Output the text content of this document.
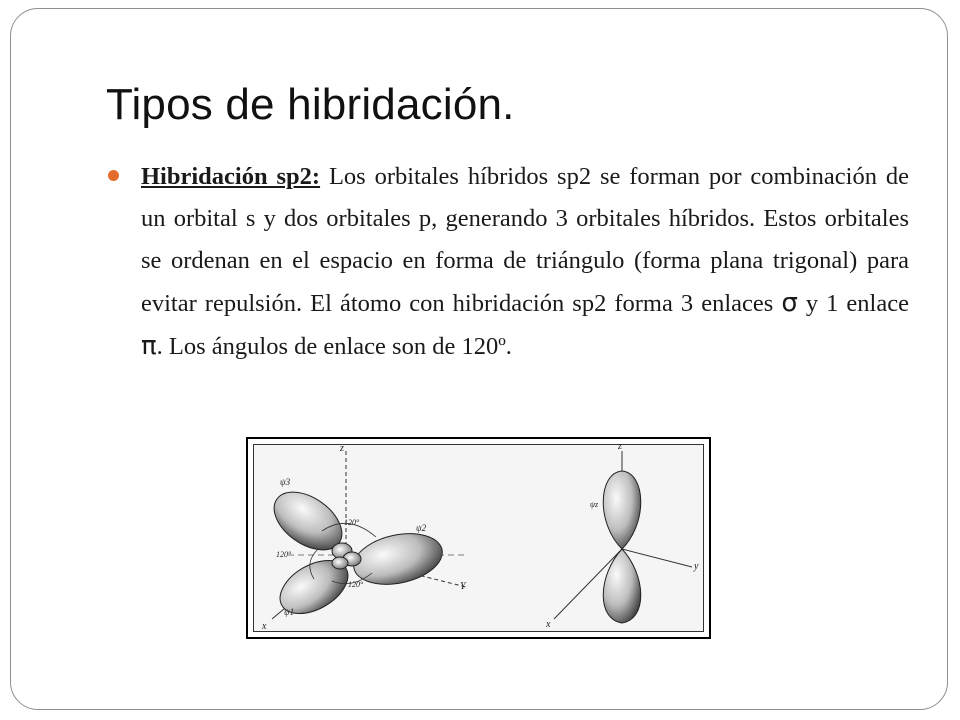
Tipos de hibridación.

Hibridación sp2: Los orbitales híbridos sp2 se forman por combinación de un orbital s y dos orbitales p, generando 3 orbitales híbridos. Estos orbitales se ordenan en el espacio en forma de triángulo (forma plana trigonal) para evitar repulsión. El átomo con hibridación sp2 forma 3 enlaces σ y 1 enlace π. Los ángulos de enlace son de 120º.

z
x
Y
ψ3
ψ2
ψ1
120°
120°
120°
z
x
y
ψz
